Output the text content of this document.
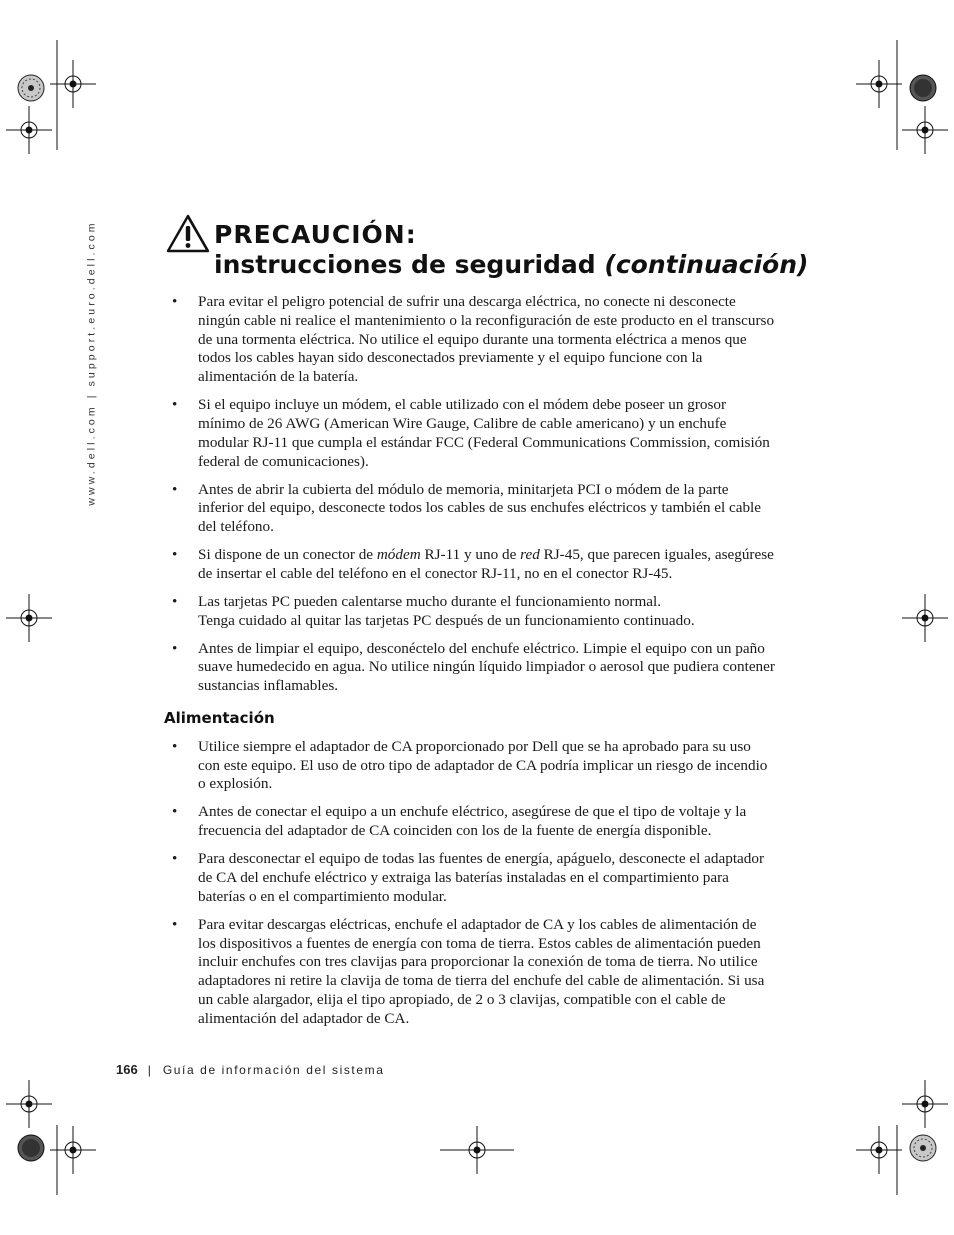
www.dell.com | support.euro.dell.com	PRECAUCIÓN:
instrucciones de seguridad (continuación)
• Para evitar el peligro potencial de sufrir una descarga eléctrica, no conecte ni desconecte ningún cable ni realice el mantenimiento o la reconfiguración de este producto en el transcurso de una tormenta eléctrica. No utilice el equipo durante una tormenta eléctrica a menos que todos los cables hayan sido desconectados previamente y el equipo funcione con la alimentación de la batería.
• Si el equipo incluye un módem, el cable utilizado con el módem debe poseer un grosor mínimo de 26 AWG (American Wire Gauge, Calibre de cable americano) y un enchufe modular RJ-11 que cumpla el estándar FCC (Federal Communications Commission, comisión federal de comunicaciones).
• Antes de abrir la cubierta del módulo de memoria, minitarjeta PCI o módem de la parte inferior del equipo, desconecte todos los cables de sus enchufes eléctricos y también el cable del teléfono.
• Si dispone de un conector de módem RJ-11 y uno de red RJ-45, que parecen iguales, asegúrese de insertar el cable del teléfono en el conector RJ-11, no en el conector RJ-45.
• Las tarjetas PC pueden calentarse mucho durante el funcionamiento normal.
Tenga cuidado al quitar las tarjetas PC después de un funcionamiento continuado.
• Antes de limpiar el equipo, desconéctelo del enchufe eléctrico. Limpie el equipo con un paño suave humedecido en agua. No utilice ningún líquido limpiador o aerosol que pudiera contener sustancias inflamables.
Alimentación
• Utilice siempre el adaptador de CA proporcionado por Dell que se ha aprobado para su uso con este equipo. El uso de otro tipo de adaptador de CA podría implicar un riesgo de incendio o explosión.
• Antes de conectar el equipo a un enchufe eléctrico, asegúrese de que el tipo de voltaje y la frecuencia del adaptador de CA coinciden con los de la fuente de energía disponible.
• Para desconectar el equipo de todas las fuentes de energía, apáguelo, desconecte el adaptador de CA del enchufe eléctrico y extraiga las baterías instaladas en el compartimiento para baterías o en el compartimiento modular.
• Para evitar descargas eléctricas, enchufe el adaptador de CA y los cables de alimentación de los dispositivos a fuentes de energía con toma de tierra. Estos cables de alimentación pueden incluir enchufes con tres clavijas para proporcionar la conexión de toma de tierra. No utilice adaptadores ni retire la clavija de toma de tierra del enchufe del cable de alimentación. Si usa un cable alargador, elija el tipo apropiado, de 2 o 3 clavijas, compatible con el cable de alimentación del adaptador de CA.
166 | Guía de información del sistema
